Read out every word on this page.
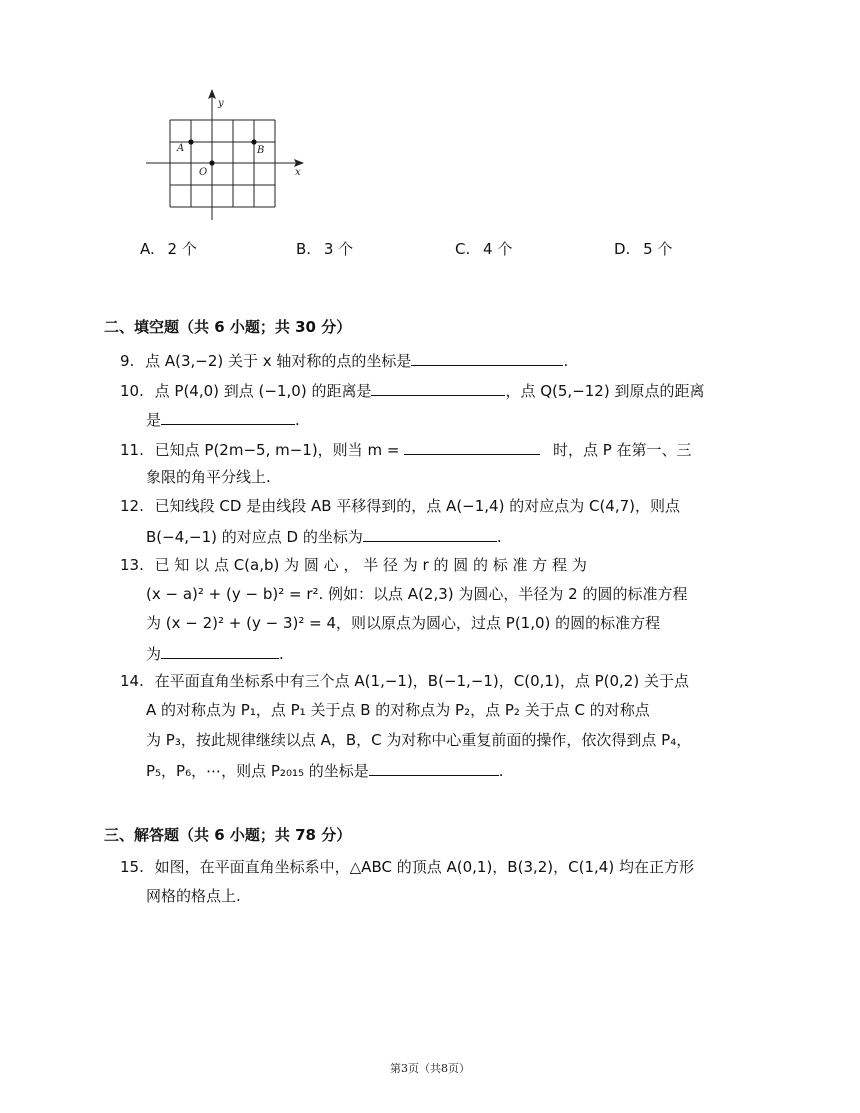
y
x
O
A	B
A. 2 个	B. 3 个	C. 4 个	D. 5 个
二、填空题（共 6 小题；共 30 分）
9. 点 A(3,−2) 关于 x 轴对称的点的坐标是	.
10. 点 P(4,0) 到点 (−1,0) 的距离是	，点 Q(5,−12) 到原点的距离
是	.
11. 已知点 P(2m−5, m−1)，则当 m =	时，点 P 在第一、三
象限的角平分线上.
12. 已知线段 CD 是由线段 AB 平移得到的，点 A(−1,4) 的对应点为 C(4,7)，则点
B(−4,−1) 的对应点 D 的坐标为	.
13. 已 知 以 点 C(a,b) 为 圆 心 ， 半 径 为 r 的 圆 的 标 准 方 程 为
(x − a)² + (y − b)² = r². 例如：以点 A(2,3) 为圆心，半径为 2 的圆的标准方程
为 (x − 2)² + (y − 3)² = 4，则以原点为圆心，过点 P(1,0) 的圆的标准方程
为	.
14. 在平面直角坐标系中有三个点 A(1,−1)，B(−1,−1)，C(0,1)，点 P(0,2) 关于点
A 的对称点为 P₁，点 P₁ 关于点 B 的对称点为 P₂，点 P₂ 关于点 C 的对称点
为 P₃，按此规律继续以点 A，B，C 为对称中心重复前面的操作，依次得到点 P₄，
P₅，P₆，⋯，则点 P₂₀₁₅ 的坐标是	.
三、解答题（共 6 小题；共 78 分）
15. 如图，在平面直角坐标系中，△ABC 的顶点 A(0,1)，B(3,2)，C(1,4) 均在正方形
网格的格点上.
第3页（共8页）
